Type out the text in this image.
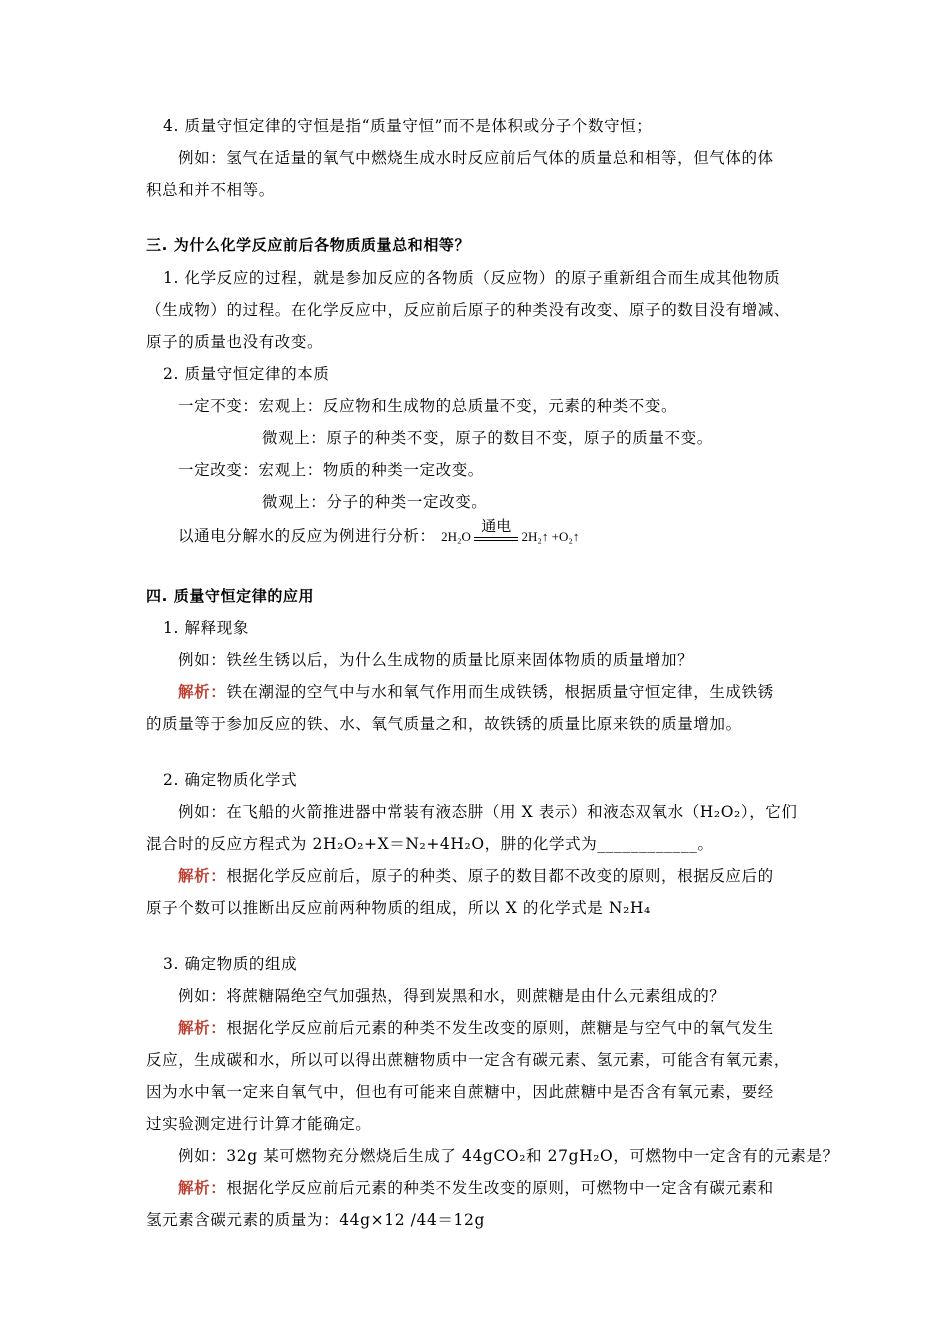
4. 质量守恒定律的守恒是指“质量守恒”而不是体积或分子个数守恒；
例如：氢气在适量的氧气中燃烧生成水时反应前后气体的质量总和相等，但气体的体
积总和并不相等。
三. 为什么化学反应前后各物质质量总和相等？
1. 化学反应的过程，就是参加反应的各物质（反应物）的原子重新组合而生成其他物质
（生成物）的过程。在化学反应中，反应前后原子的种类没有改变、原子的数目没有增减、
原子的质量也没有改变。
2. 质量守恒定律的本质
一定不变：宏观上：反应物和生成物的总质量不变，元素的种类不变。
微观上：原子的种类不变，原子的数目不变，原子的质量不变。
一定改变：宏观上：物质的种类一定改变。
微观上：分子的种类一定改变。
以通电分解水的反应为例进行分析： 2H₂O
通电
2H₂↑ +O₂↑
四. 质量守恒定律的应用
1. 解释现象
例如：铁丝生锈以后，为什么生成物的质量比原来固体物质的质量增加？
解析：铁在潮湿的空气中与水和氧气作用而生成铁锈，根据质量守恒定律，生成铁锈
的质量等于参加反应的铁、水、氧气质量之和，故铁锈的质量比原来铁的质量增加。
2. 确定物质化学式
例如：在飞船的火箭推进器中常装有液态肼（用 X 表示）和液态双氧水（H₂O₂），它们
混合时的反应方程式为 2H₂O₂+X＝N₂+4H₂O，肼的化学式为____________。
解析：根据化学反应前后，原子的种类、原子的数目都不改变的原则，根据反应后的
原子个数可以推断出反应前两种物质的组成，所以 X 的化学式是 N₂H₄
3. 确定物质的组成
例如：将蔗糖隔绝空气加强热，得到炭黑和水，则蔗糖是由什么元素组成的？
解析：根据化学反应前后元素的种类不发生改变的原则，蔗糖是与空气中的氧气发生
反应，生成碳和水，所以可以得出蔗糖物质中一定含有碳元素、氢元素，可能含有氧元素，
因为水中氧一定来自氧气中，但也有可能来自蔗糖中，因此蔗糖中是否含有氧元素，要经
过实验测定进行计算才能确定。
例如：32g 某可燃物充分燃烧后生成了 44gCO₂和 27gH₂O，可燃物中一定含有的元素是？
解析：根据化学反应前后元素的种类不发生改变的原则，可燃物中一定含有碳元素和
氢元素含碳元素的质量为：44g×12 /44＝12g
